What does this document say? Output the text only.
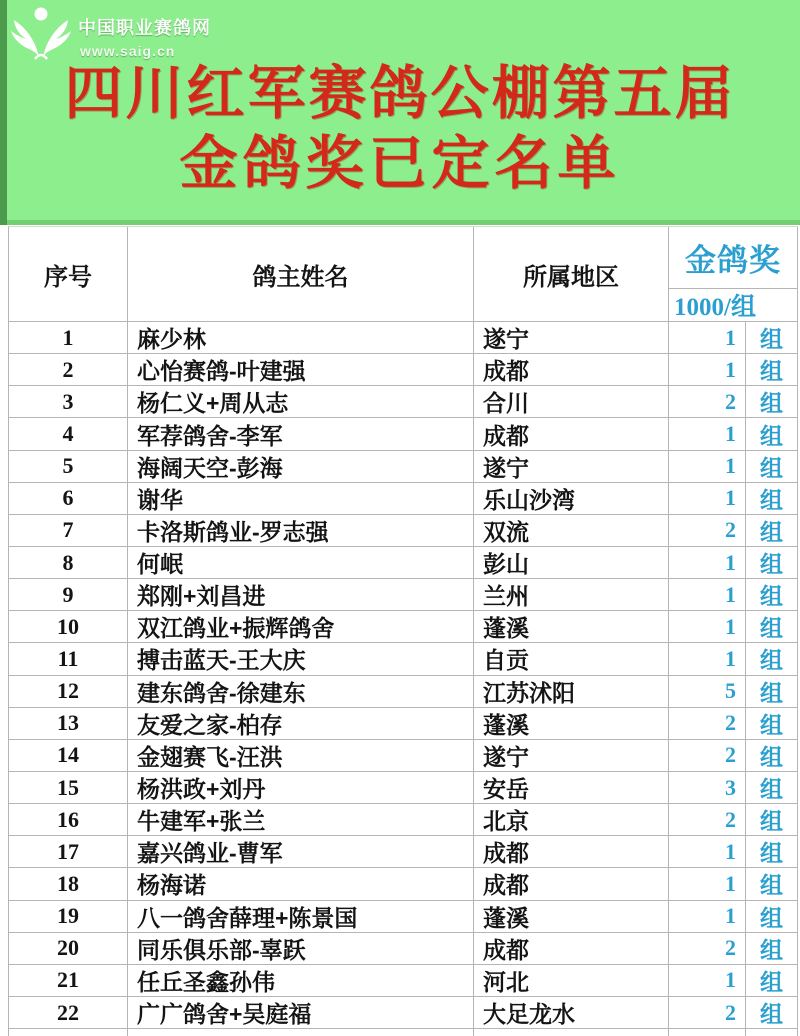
中国职业赛鸽网
www.saig.cn
四川红军赛鸽公棚第五届
金鸽奖已定名单
序号	鸽主姓名	所属地区	金鸽奖
1000/组
1	麻少林	遂宁	1	组
2	心怡赛鸽-叶建强	成都	1	组
3	杨仁义+周从志	合川	2	组
4	军荐鸽舍-李军	成都	1	组
5	海阔天空-彭海	遂宁	1	组
6	谢华	乐山沙湾	1	组
7	卡洛斯鸽业-罗志强	双流	2	组
8	何岷	彭山	1	组
9	郑刚+刘昌进	兰州	1	组
10	双江鸽业+振辉鸽舍	蓬溪	1	组
11	搏击蓝天-王大庆	自贡	1	组
12	建东鸽舍-徐建东	江苏沭阳	5	组
13	友爱之家-柏存	蓬溪	2	组
14	金翅赛飞-汪洪	遂宁	2	组
15	杨洪政+刘丹	安岳	3	组
16	牛建军+张兰	北京	2	组
17	嘉兴鸽业-曹军	成都	1	组
18	杨海诺	成都	1	组
19	八一鸽舍薛理+陈景国	蓬溪	1	组
20	同乐俱乐部-辜跃	成都	2	组
21	任丘圣鑫孙伟	河北	1	组
22	广广鸽舍+吴庭福	大足龙水	2	组
